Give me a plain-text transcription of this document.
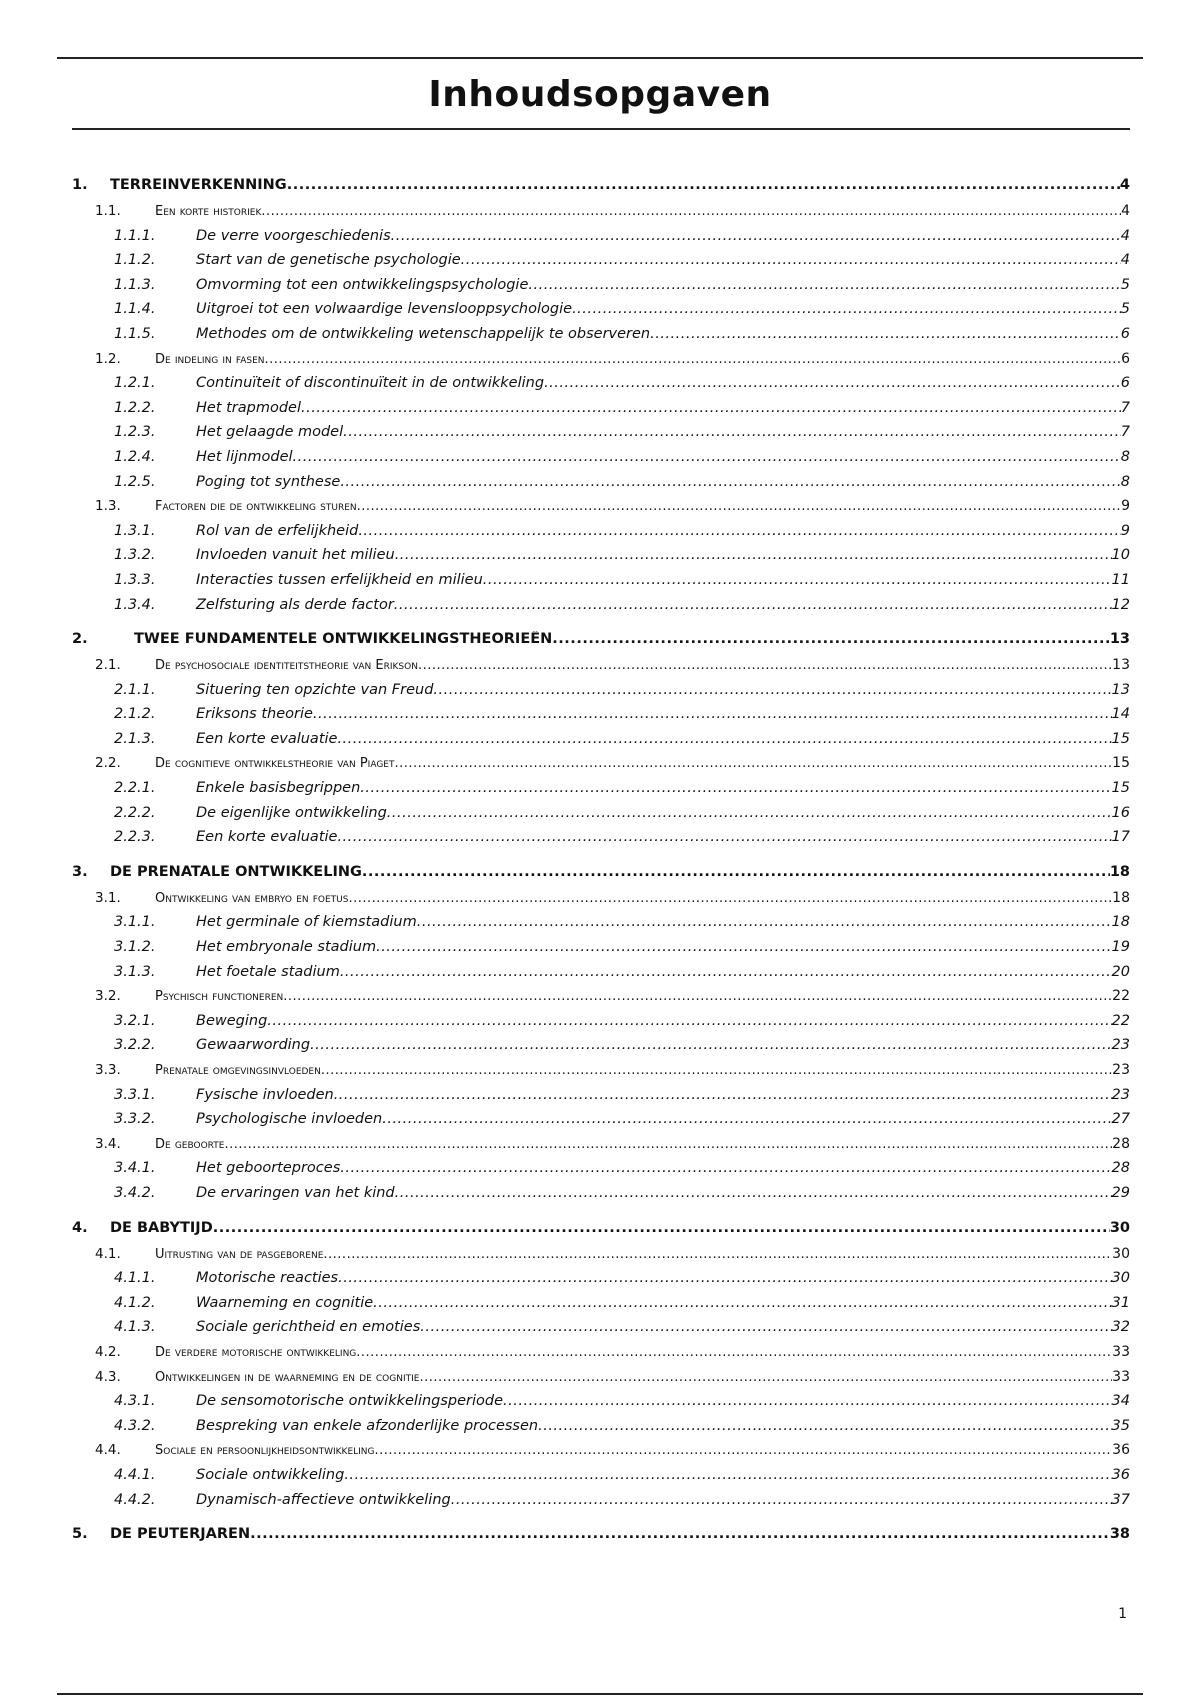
Inhoudsopgaven
1.	TERREINVERKENNING .....	4
1.1.	Een korte historiek .....	4
1.1.1.	De verre voorgeschiedenis .....	4
1.1.2.	Start van de genetische psychologie .....	4
1.1.3.	Omvorming tot een ontwikkelingspsychologie .....	5
1.1.4.	Uitgroei tot een volwaardige levenslooppsychologie .....	5
1.1.5.	Methodes om de ontwikkeling wetenschappelijk te observeren .....	6
1.2.	De indeling in fasen .....	6
1.2.1.	Continuïteit of discontinuïteit in de ontwikkeling .....	6
1.2.2.	Het trapmodel .....	7
1.2.3.	Het gelaagde model .....	7
1.2.4.	Het lijnmodel .....	8
1.2.5.	Poging tot synthese .....	8
1.3.	Factoren die de ontwikkeling sturen .....	9
1.3.1.	Rol van de erfelijkheid .....	9
1.3.2.	Invloeden vanuit het milieu .....	10
1.3.3.	Interacties tussen erfelijkheid en milieu .....	11
1.3.4.	Zelfsturing als derde factor .....	12
2.	TWEE FUNDAMENTELE ONTWIKKELINGSTHEORIEËN .....	13
2.1.	De psychosociale identiteitstheorie van Erikson .....	13
2.1.1.	Situering ten opzichte van Freud .....	13
2.1.2.	Eriksons theorie .....	14
2.1.3.	Een korte evaluatie .....	15
2.2.	De cognitieve ontwikkelstheorie van Piaget .....	15
2.2.1.	Enkele basisbegrippen .....	15
2.2.2.	De eigenlijke ontwikkeling .....	16
2.2.3.	Een korte evaluatie .....	17
3.	DE PRENATALE ONTWIKKELING .....	18
3.1.	Ontwikkeling van embryo en foetus .....	18
3.1.1.	Het germinale of kiemstadium .....	18
3.1.2.	Het embryonale stadium .....	19
3.1.3.	Het foetale stadium .....	20
3.2.	Psychisch functioneren .....	22
3.2.1.	Beweging .....	22
3.2.2.	Gewaarwording .....	23
3.3.	Prenatale omgevingsinvloeden .....	23
3.3.1.	Fysische invloeden .....	23
3.3.2.	Psychologische invloeden .....	27
3.4.	De geboorte .....	28
3.4.1.	Het geboorteproces .....	28
3.4.2.	De ervaringen van het kind .....	29
4.	DE BABYTIJD .....	30
4.1.	Uitrusting van de pasgeborene .....	30
4.1.1.	Motorische reacties .....	30
4.1.2.	Waarneming en cognitie .....	31
4.1.3.	Sociale gerichtheid en emoties .....	32
4.2.	De verdere motorische ontwikkeling .....	33
4.3.	Ontwikkelingen in de waarneming en de cognitie .....	33
4.3.1.	De sensomotorische ontwikkelingsperiode .....	34
4.3.2.	Bespreking van enkele afzonderlijke processen .....	35
4.4.	Sociale en persoonlijkheidsontwikkeling .....	36
4.4.1.	Sociale ontwikkeling .....	36
4.4.2.	Dynamisch-affectieve ontwikkeling .....	37
5.	DE PEUTERJAREN .....	38
1
